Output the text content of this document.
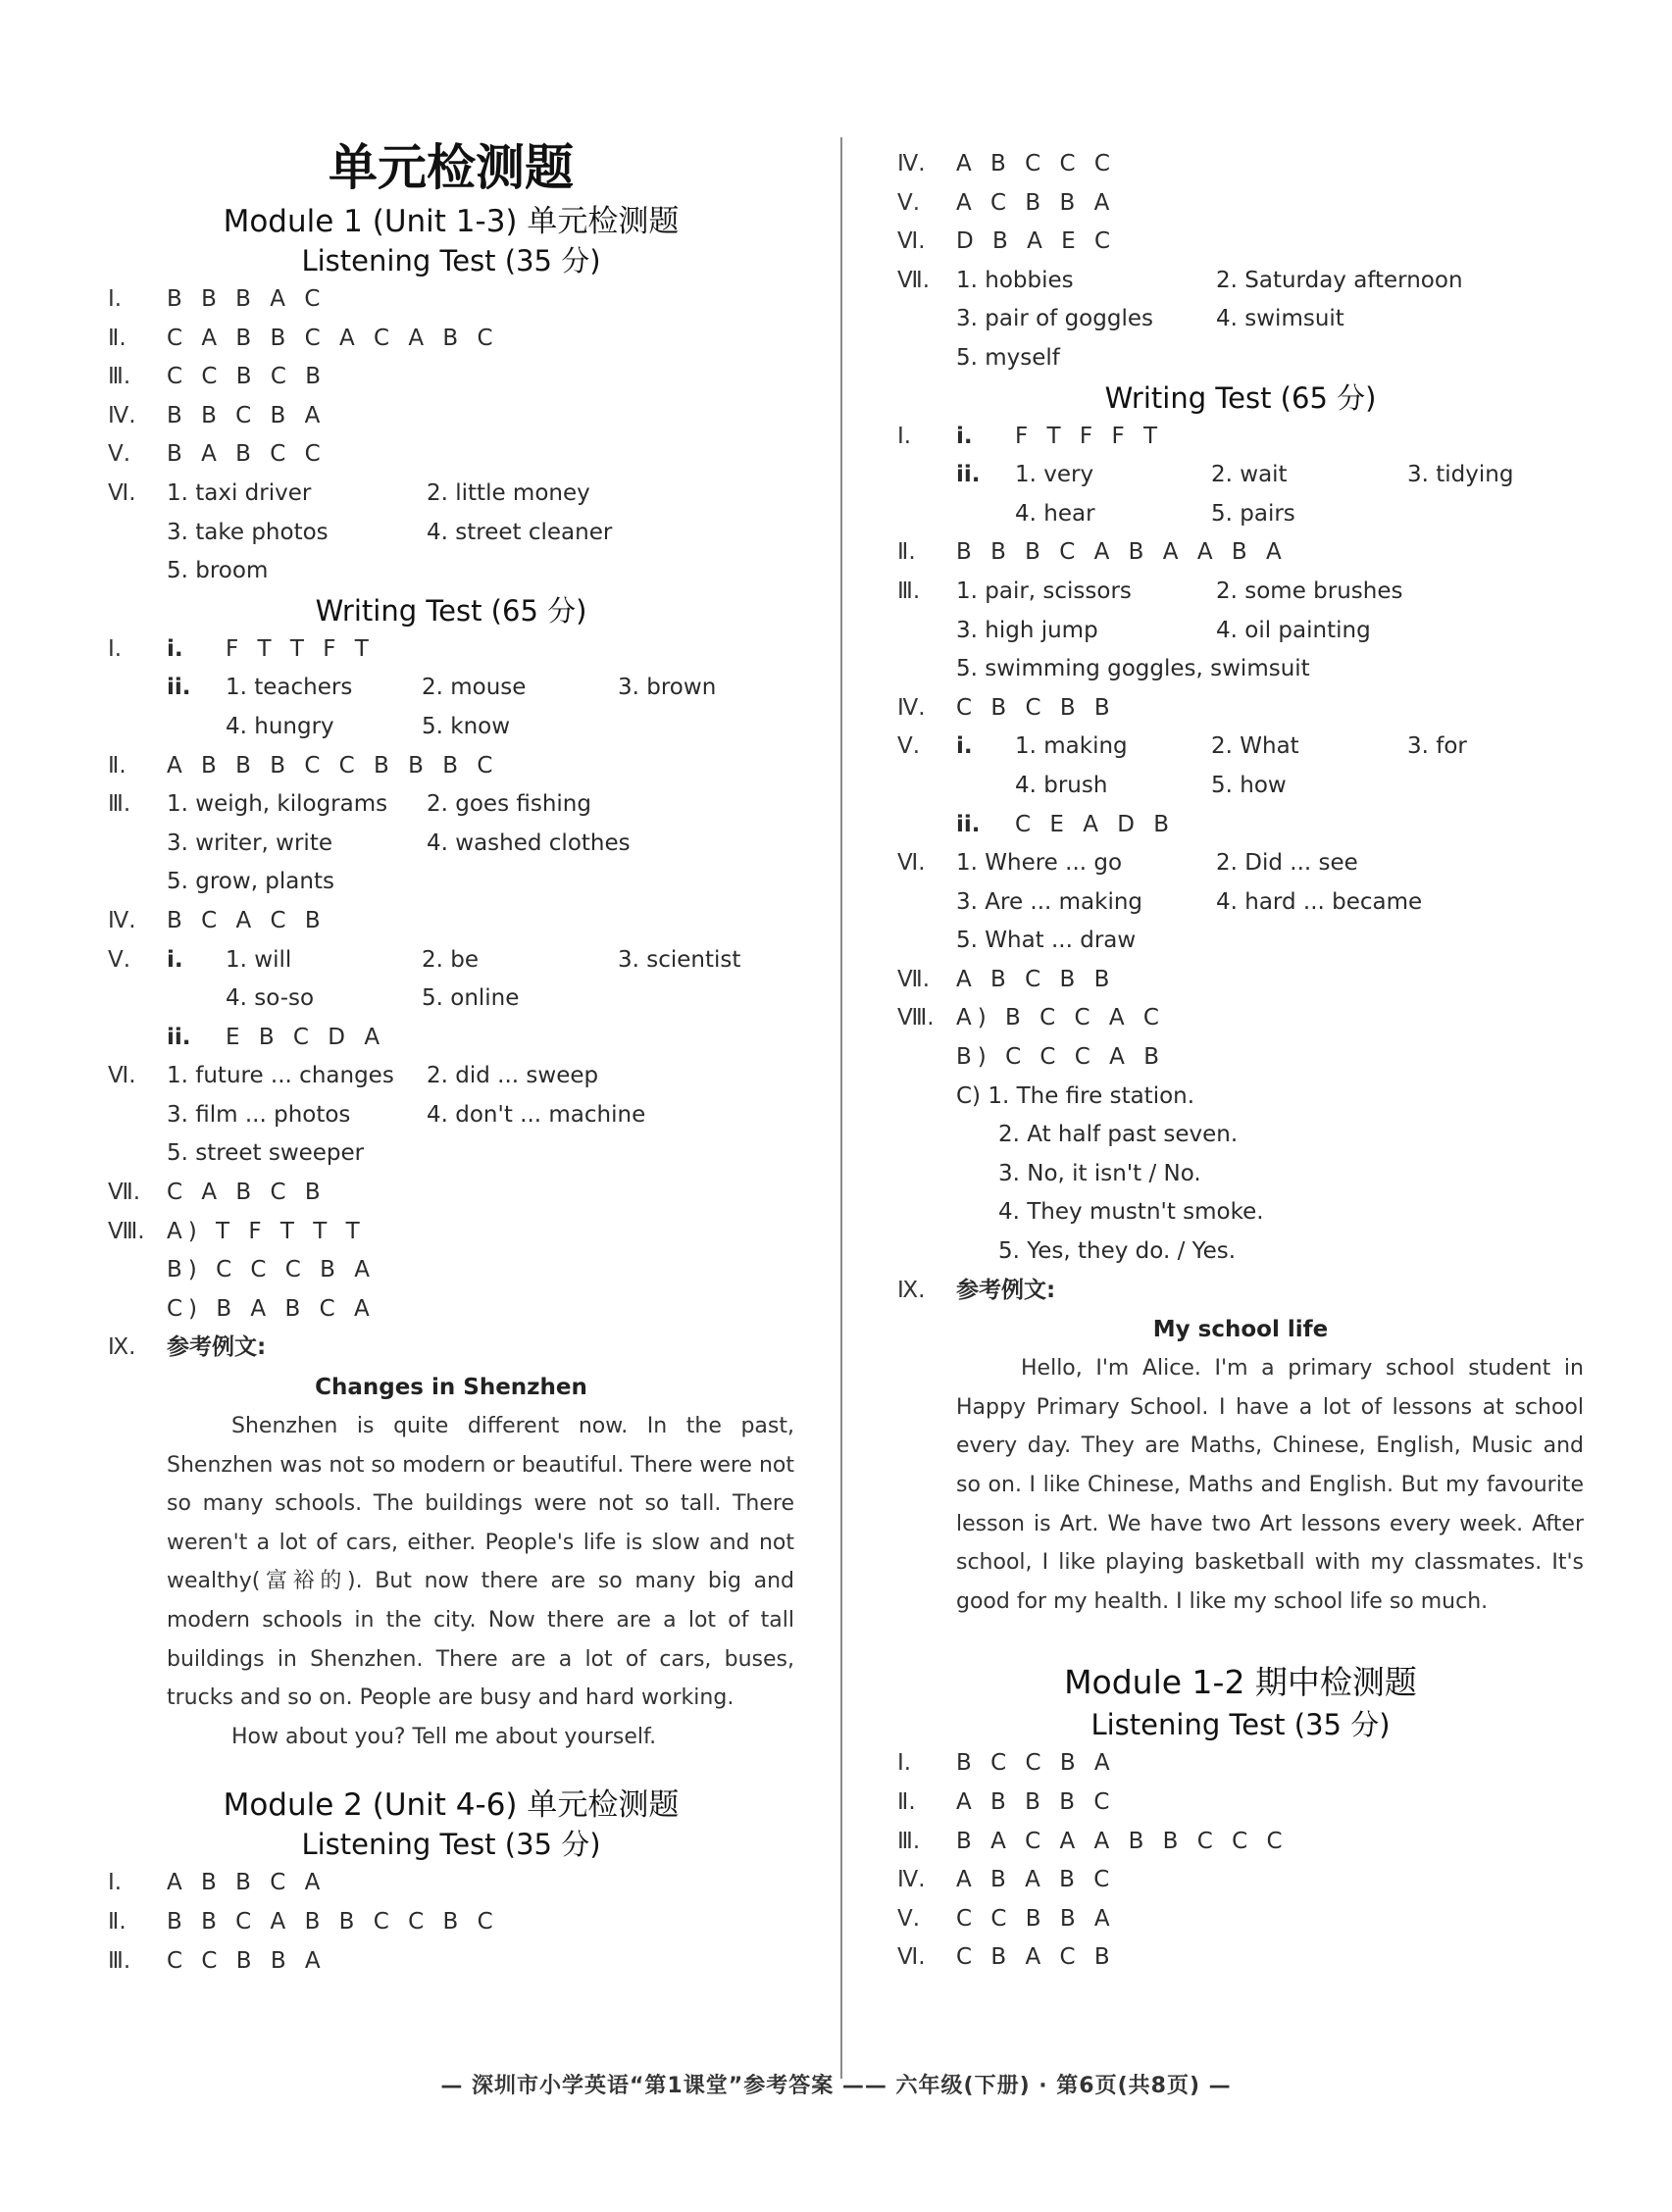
单元检测题
Module 1 (Unit 1-3) 单元检测题
Listening Test (35 分)
Ⅰ.	B B B A C
Ⅱ.	C A B B C A C A B C
Ⅲ.	C C B C B
Ⅳ.	B B C B A
Ⅴ.	B A B C C
Ⅵ.	1. taxi driver	2. little money
3. take photos	4. street cleaner
5. broom
Writing Test (65 分)
Ⅰ.	i.	F T T F T
ii.	1. teachers	2. mouse	3. brown
4. hungry	5. know
Ⅱ.	A B B B C C B B B C
Ⅲ.	1. weigh, kilograms	2. goes fishing
3. writer, write	4. washed clothes
5. grow, plants
Ⅳ.	B C A C B
Ⅴ.	i.	1. will	2. be	3. scientist
4. so-so	5. online
ii.	E B C D A
Ⅵ.	1. future ... changes	2. did ... sweep
3. film ... photos	4. don't ... machine
5. street sweeper
Ⅶ.	C A B C B
Ⅷ. A) T F T T T
B) C C C B A
C) B A B C A
Ⅸ.	参考例文:
Changes in Shenzhen
Shenzhen is quite different now. In the past, Shenzhen was not so modern or beautiful. There were not so many schools. The buildings were not so tall. There weren't a lot of cars, either. People's life is slow and not wealthy(富裕的). But now there are so many big and modern schools in the city. Now there are a lot of tall buildings in Shenzhen. There are a lot of cars, buses, trucks and so on. People are busy and hard working.
How about you? Tell me about yourself.
Module 2 (Unit 4-6) 单元检测题
Listening Test (35 分)
Ⅰ.	A B B C A
Ⅱ.	B B C A B B C C B C
Ⅲ.	C C B B A
Ⅳ.	A B C C C
Ⅴ.	A C B B A
Ⅵ.	D B A E C
Ⅶ.	1. hobbies	2. Saturday afternoon
3. pair of goggles	4. swimsuit
5. myself
Writing Test (65 分)
Ⅰ.	i.	F T F F T
ii.	1. very	2. wait	3. tidying
4. hear	5. pairs
Ⅱ.	B B B C A B A A B A
Ⅲ.	1. pair, scissors	2. some brushes
3. high jump	4. oil painting
5. swimming goggles, swimsuit
Ⅳ.	C B C B B
Ⅴ.	i.	1. making	2. What	3. for
4. brush	5. how
ii.	C E A D B
Ⅵ.	1. Where ... go	2. Did ... see
3. Are ... making	4. hard ... became
5. What ... draw
Ⅶ.	A B C B B
Ⅷ. A) B C C A C
B) C C C A B
C) 1. The fire station.
2. At half past seven.
3. No, it isn't / No.
4. They mustn't smoke.
5. Yes, they do. / Yes.
Ⅸ.	参考例文:
My school life
Hello, I'm Alice. I'm a primary school student in Happy Primary School. I have a lot of lessons at school every day. They are Maths, Chinese, English, Music and so on. I like Chinese, Maths and English. But my favourite lesson is Art. We have two Art lessons every week. After school, I like playing basketball with my classmates. It's good for my health. I like my school life so much.
Module 1-2 期中检测题
Listening Test (35 分)
Ⅰ.	B C C B A
Ⅱ.	A B B B C
Ⅲ.	B A C A A B B C C C
Ⅳ.	A B A B C
Ⅴ.	C C B B A
Ⅵ.	C B A C B
— 深圳市小学英语“第1课堂”参考答案 —— 六年级(下册) · 第6页(共8页) —
